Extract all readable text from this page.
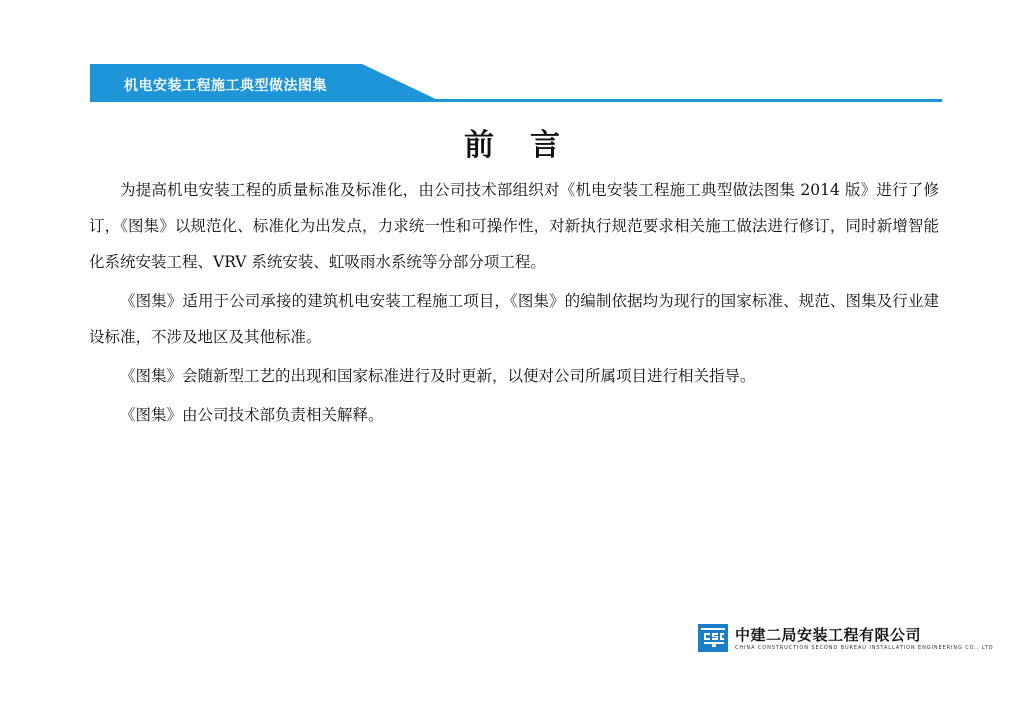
机电安装工程施工典型做法图集
前 言

为提高机电安装工程的质量标准及标准化，由公司技术部组织对《机电安装工程施工典型做法图集 2014 版》进行了修订，《图集》以规范化、标准化为出发点，力求统一性和可操作性，对新执行规范要求相关施工做法进行修订，同时新增智能化系统安装工程、VRV 系统安装、虹吸雨水系统等分部分项工程。

《图集》适用于公司承接的建筑机电安装工程施工项目，《图集》的编制依据均为现行的国家标准、规范、图集及行业建设标准，不涉及地区及其他标准。

《图集》会随新型工艺的出现和国家标准进行及时更新，以便对公司所属项目进行相关指导。

《图集》由公司技术部负责相关解释。

中建二局安装工程有限公司
CHINA CONSTRUCTION SECOND BUREAU INSTALLATION ENGINEERING CO., LTD
